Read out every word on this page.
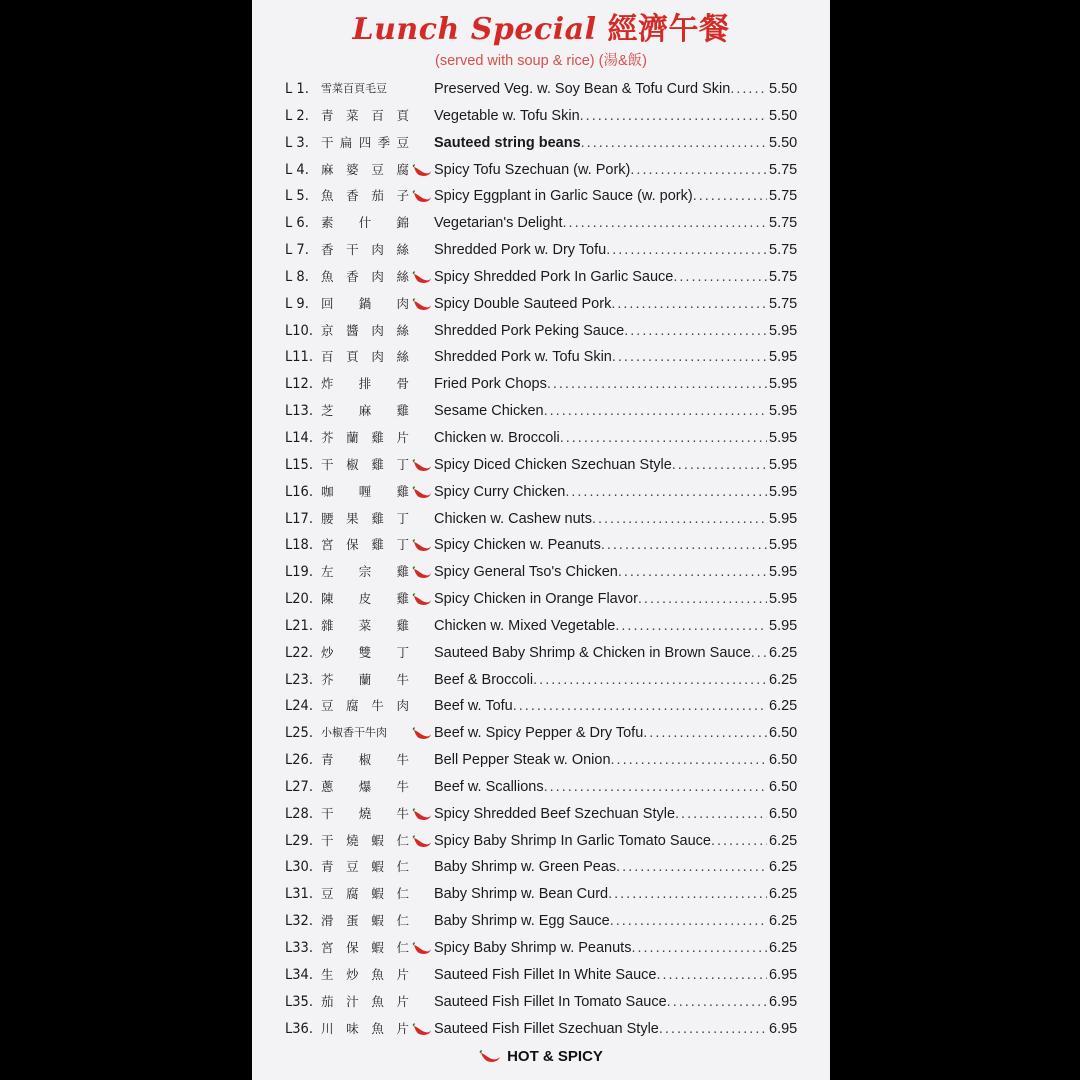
Lunch Special 經濟午餐
(served with soup & rice) (湯&飯)
L 1.	雪 菜 百 頁 毛 豆	Preserved Veg. w. Soy Bean & Tofu Curd Skin .....	5.50
L 2. 青 菜 百 頁 Vegetable w. Tofu Skin .....	5.50
L 3. 干 扁 四 季 豆 Sauteed string beans .....	5.50
L 4. 麻 婆 豆 腐 Spicy Tofu Szechuan (w. Pork) .....	5.75
L 5. 魚 香 茄 子 Spicy Eggplant in Garlic Sauce (w. pork) .....	5.75
L 6. 素 什 錦 Vegetarian's Delight .....	5.75
L 7. 香 干 肉 絲 Shredded Pork w. Dry Tofu .....	5.75
L 8. 魚 香 肉 絲 Spicy Shredded Pork In Garlic Sauce .....	5.75
L 9. 回 鍋 肉 Spicy Double Sauteed Pork .....	5.75
L10. 京 醬 肉 絲 Shredded Pork Peking Sauce .....	5.95
L11. 百 頁 肉 絲 Shredded Pork w. Tofu Skin .....	5.95
L12. 炸 排 骨 Fried Pork Chops .....	5.95
L13. 芝 麻 雞 Sesame Chicken .....	5.95
L14. 芥 蘭 雞 片 Chicken w. Broccoli .....	5.95
L15. 干 椒 雞 丁 Spicy Diced Chicken Szechuan Style .....	5.95
L16. 咖 喱 雞 Spicy Curry Chicken .....	5.95
L17. 腰 果 雞 丁 Chicken w. Cashew nuts .....	5.95
L18. 宮 保 雞 丁 Spicy Chicken w. Peanuts .....	5.95
L19. 左 宗 雞 Spicy General Tso's Chicken .....	5.95
L20. 陳 皮 雞 Spicy Chicken in Orange Flavor .....	5.95
L21. 雜 菜 雞 Chicken w. Mixed Vegetable .....	5.95
L22. 炒 雙 丁 Sauteed Baby Shrimp & Chicken in Brown Sauce ..... 6.25
L23. 芥 蘭 牛 Beef & Broccoli .....	6.25
L24. 豆 腐 牛 肉 Beef w. Tofu .....	6.25
L25. 小 椒 香 干 牛 肉	Beef w. Spicy Pepper & Dry Tofu .....	6.50
L26. 青 椒 牛 Bell Pepper Steak w. Onion .....	6.50
L27. 蔥 爆 牛 Beef w. Scallions .....	6.50
L28. 干 燒 牛 Spicy Shredded Beef Szechuan Style .....	6.50
L29. 干 燒 蝦 仁 Spicy Baby Shrimp In Garlic Tomato Sauce .....	6.25
L30. 青 豆 蝦 仁 Baby Shrimp w. Green Peas .....	6.25
L31. 豆 腐 蝦 仁 Baby Shrimp w. Bean Curd .....	6.25
L32. 滑 蛋 蝦 仁 Baby Shrimp w. Egg Sauce .....	6.25
L33. 宮 保 蝦 仁 Spicy Baby Shrimp w. Peanuts .....	6.25
L34. 生 炒 魚 片 Sauteed Fish Fillet In White Sauce .....	6.95
L35. 茄 汁 魚 片 Sauteed Fish Fillet In Tomato Sauce .....	6.95
L36. 川 味 魚 片 Sauteed Fish Fillet Szechuan Style .....	6.95
HOT & SPICY
